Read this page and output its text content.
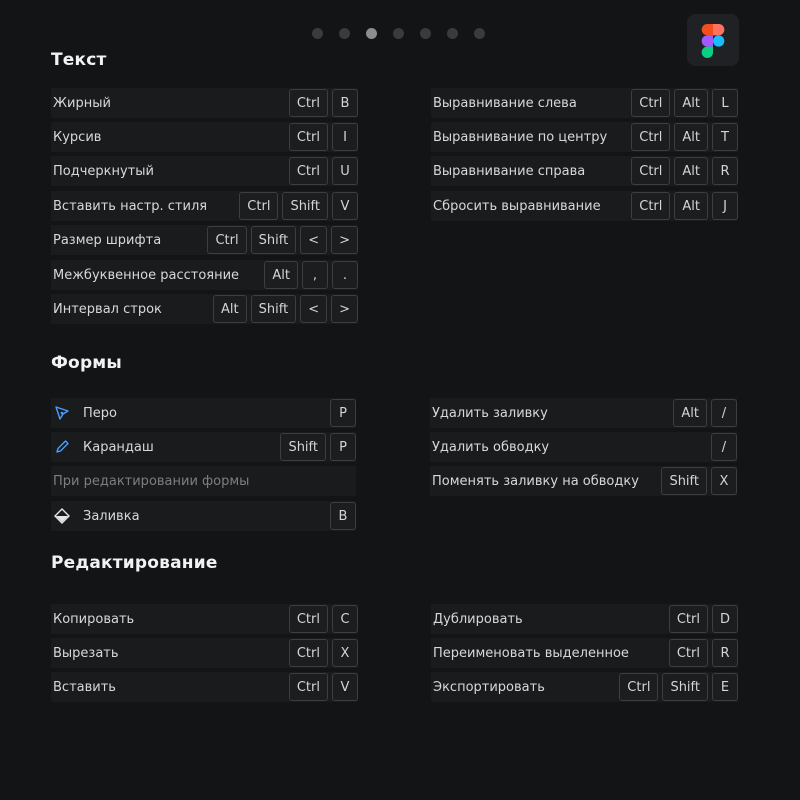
Текст
Формы
Редактирование
Жирный	Ctrl	B
Курсив	Ctrl	I
Подчеркнутый	Ctrl	U
Вставить настр. стиля	Ctrl	Shift	V
Размер шрифта	Ctrl	Shift	<	>
Межбуквенное расстояние	Alt	,	.
Интервал строк	Alt	Shift	<	>
Выравнивание слева	Ctrl	Alt	L
Выравнивание по центру	Ctrl	Alt	T
Выравнивание справа	Ctrl	Alt	R
Сбросить выравнивание	Ctrl	Alt	J
Перо	P
Карандаш	Shift	P
При редактировании формы
Заливка	B
Удалить заливку	Alt	/
Удалить обводку	/
Поменять заливку на обводку	Shift	X
Копировать	Ctrl	C
Вырезать	Ctrl	X
Вставить	Ctrl	V
Дублировать	Ctrl	D
Переименовать выделенное	Ctrl	R
Экспортировать	Ctrl	Shift	E
